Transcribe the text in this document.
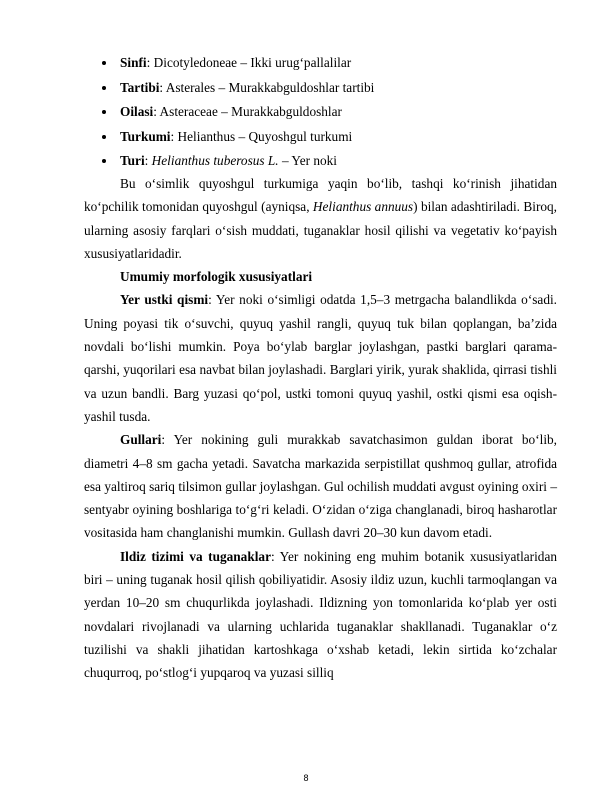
Sinfi: Dicotyledoneae – Ikki urug‘pallalilar
Tartibi: Asterales – Murakkabguldoshlar tartibi
Oilasi: Asteraceae – Murakkabguldoshlar
Turkumi: Helianthus – Quyoshgul turkumi
Turi: Helianthus tuberosus L. – Yer noki

Bu o‘simlik quyoshgul turkumiga yaqin bo‘lib, tashqi ko‘rinish jihatidan ko‘pchilik tomonidan quyoshgul (ayniqsa, Helianthus annuus) bilan adashtiriladi. Biroq, ularning asosiy farqlari o‘sish muddati, tuganaklar hosil qilishi va vegetativ ko‘payish xususiyatlaridadir.

Umumiy morfologik xususiyatlari

Yer ustki qismi: Yer noki o‘simligi odatda 1,5–3 metrgacha balandlikda o‘sadi. Uning poyasi tik o‘suvchi, quyuq yashil rangli, quyuq tuk bilan qoplangan, ba’zida novdali bo‘lishi mumkin. Poya bo‘ylab barglar joylashgan, pastki barglari qarama-qarshi, yuqorilari esa navbat bilan joylashadi. Barglari yirik, yurak shaklida, qirrasi tishli va uzun bandli. Barg yuzasi qo‘pol, ustki tomoni quyuq yashil, ostki qismi esa oqish-yashil tusda.

Gullari: Yer nokining guli murakkab savatchasimon guldan iborat bo‘lib, diametri 4–8 sm gacha yetadi. Savatcha markazida serpistillat qushmoq gullar, atrofida esa yaltiroq sariq tilsimon gullar joylashgan. Gul ochilish muddati avgust oyining oxiri – sentyabr oyining boshlariga to‘g‘ri keladi. O‘zidan o‘ziga changlanadi, biroq hasharotlar vositasida ham changlanishi mumkin. Gullash davri 20–30 kun davom etadi.

Ildiz tizimi va tuganaklar: Yer nokining eng muhim botanik xususiyatlaridan biri – uning tuganak hosil qilish qobiliyatidir. Asosiy ildiz uzun, kuchli tarmoqlangan va yerdan 10–20 sm chuqurlikda joylashadi. Ildizning yon tomonlarida ko‘plab yer osti novdalari rivojlanadi va ularning uchlarida tuganaklar shakllanadi. Tuganaklar o‘z tuzilishi va shakli jihatidan kartoshkaga o‘xshab ketadi, lekin sirtida ko‘zchalar chuqurroq, po‘stlog‘i yupqaroq va yuzasi silliq

8
